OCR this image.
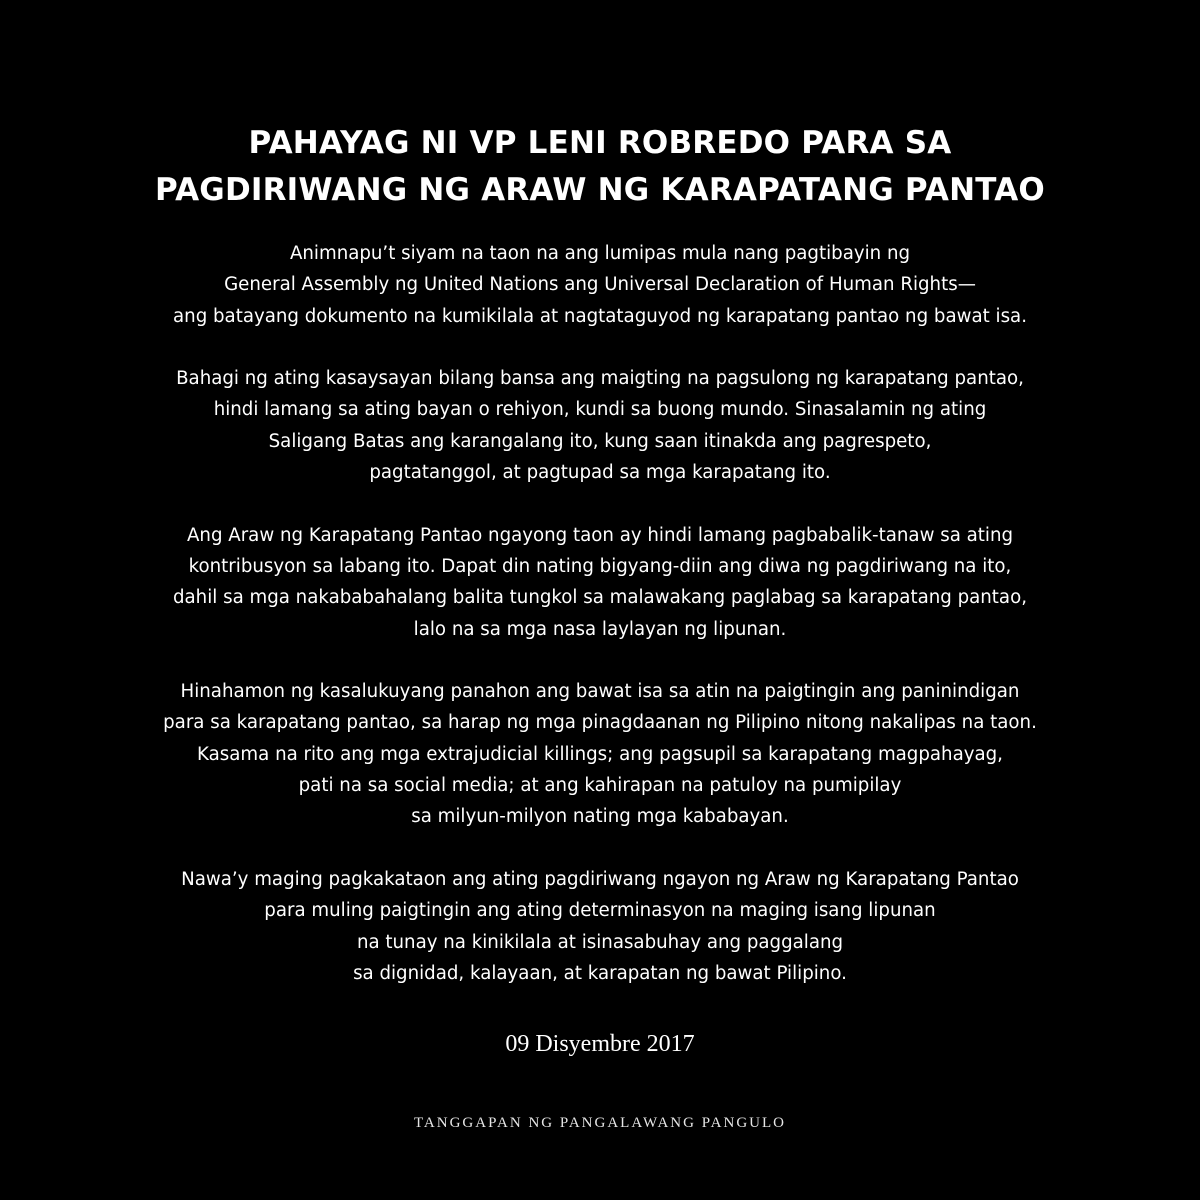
PAHAYAG NI VP LENI ROBREDO PARA SA
PAGDIRIWANG NG ARAW NG KARAPATANG PANTAO

Animnapu’t siyam na taon na ang lumipas mula nang pagtibayin ng
General Assembly ng United Nations ang Universal Declaration of Human Rights—
ang batayang dokumento na kumikilala at nagtataguyod ng karapatang pantao ng bawat isa.

Bahagi ng ating kasaysayan bilang bansa ang maigting na pagsulong ng karapatang pantao,
hindi lamang sa ating bayan o rehiyon, kundi sa buong mundo. Sinasalamin ng ating
Saligang Batas ang karangalang ito, kung saan itinakda ang pagrespeto,
pagtatanggol, at pagtupad sa mga karapatang ito.

Ang Araw ng Karapatang Pantao ngayong taon ay hindi lamang pagbabalik-tanaw sa ating
kontribusyon sa labang ito. Dapat din nating bigyang-diin ang diwa ng pagdiriwang na ito,
dahil sa mga nakababahalang balita tungkol sa malawakang paglabag sa karapatang pantao,
lalo na sa mga nasa laylayan ng lipunan.

Hinahamon ng kasalukuyang panahon ang bawat isa sa atin na paigtingin ang paninindigan
para sa karapatang pantao, sa harap ng mga pinagdaanan ng Pilipino nitong nakalipas na taon.
Kasama na rito ang mga extrajudicial killings; ang pagsupil sa karapatang magpahayag,
pati na sa social media; at ang kahirapan na patuloy na pumipilay
sa milyun-milyon nating mga kababayan.

Nawa’y maging pagkakataon ang ating pagdiriwang ngayon ng Araw ng Karapatang Pantao
para muling paigtingin ang ating determinasyon na maging isang lipunan
na tunay na kinikilala at isinasabuhay ang paggalang
sa dignidad, kalayaan, at karapatan ng bawat Pilipino.

09 Disyembre 2017
TANGGAPAN NG PANGALAWANG PANGULO
